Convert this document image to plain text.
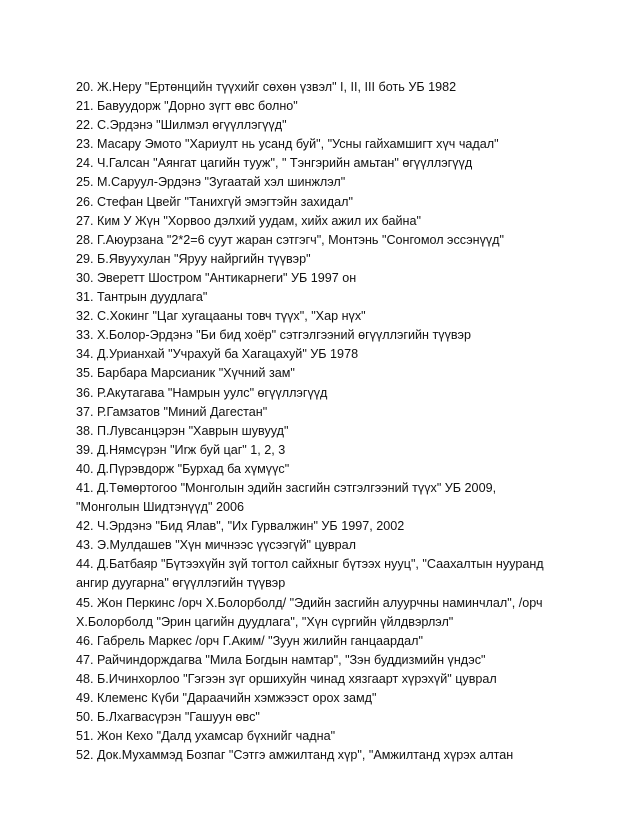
20. Ж.Неру "Ертөнцийн түүхийг сөхөн үзвэл" I, II, III боть УБ 1982
21. Бавуудорж "Дорно зүгт өвс болно"
22. С.Эрдэнэ "Шилмэл өгүүллэгүүд"
23. Масару Эмото "Хариулт нь усанд буй", "Усны гайхамшигт хүч чадал"
24. Ч.Галсан "Аянгат цагийн тууж", " Тэнгэрийн амьтан" өгүүллэгүүд
25. М.Саруул-Эрдэнэ "Зугаатай хэл шинжлэл"
26. Стефан Цвейг "Танихгүй эмэгтэйн захидал"
27. Ким У Жүн "Хорвоо дэлхий уудам, хийх ажил их байна"
28. Г.Аюурзана "2*2=6 суут жаран сэтгэгч", Монтэнь "Сонгомол эссэнүүд"
29. Б.Явуухулан "Яруу найргийн түүвэр"
30. Эверетт Шостром "Антикарнеги" УБ 1997 он
31. Тантрын дуудлага"
32. С.Хокинг "Цаг хугацааны товч түүх", "Хар нүх"
33. Х.Болор-Эрдэнэ "Би бид хоёр" сэтгэлгээний өгүүллэгийн түүвэр
34. Д.Урианхай "Учрахуй ба Хагацахуй" УБ 1978
35. Барбара Марсианик "Хүчний зам"
36. Р.Акутагава "Намрын уулс" өгүүллэгүүд
37. Р.Гамзатов "Миний Дагестан"
38. П.Лувсанцэрэн "Хаврын шувууд"
39. Д.Нямсүрэн "Иrж буй цаг" 1, 2, 3
40. Д.Пүрэвдорж "Бурхад ба хүмүүс"
41. Д.Төмөртогоо "Монголын эдийн засгийн сэтгэлгээний түүх" УБ 2009,
"Монголын Шидтэнүүд" 2006
42. Ч.Эрдэнэ "Бид Ялав", "Их Гурвалжин" УБ 1997, 2002
43. Э.Мулдашев "Хүн мичнээс үүсээгүй" цуврал
44. Д.Батбаяр "Бүтээхүйн зүй тогтол сайхныг бүтээх нууц", "Саахалтын нууранд
ангир дуугарна" өгүүллэгийн түүвэр
45. Жон Перкинс /орч Х.Болорболд/ "Эдийн засгийн алуурчны наминчлал", /орч
Х.Болорболд "Эрин цагийн дуудлага", "Хүн сүргийн үйлдвэрлэл"
46. Габрель Маркес /орч Г.Аким/ "Зуун жилийн ганцаардал"
47. Райчиндорждагва "Мила Богдын намтар", "Зэн буддизмийн үндэс"
48. Б.Ичинхорлоо "Гэгээн зүг оршихуйн чинад хязгаарт хүрэхүй" цуврал
49. Клеменс Күби "Дараачийн хэмжээст орох замд"
50. Б.Лхагвасүрэн "Гашуун өвс"
51. Жон Кехо "Далд ухамсар бүхнийг чадна"
52. Док.Мухаммэд Бозпаг "Сэтгэ амжилтанд хүр", "Амжилтанд хүрэх алтан
